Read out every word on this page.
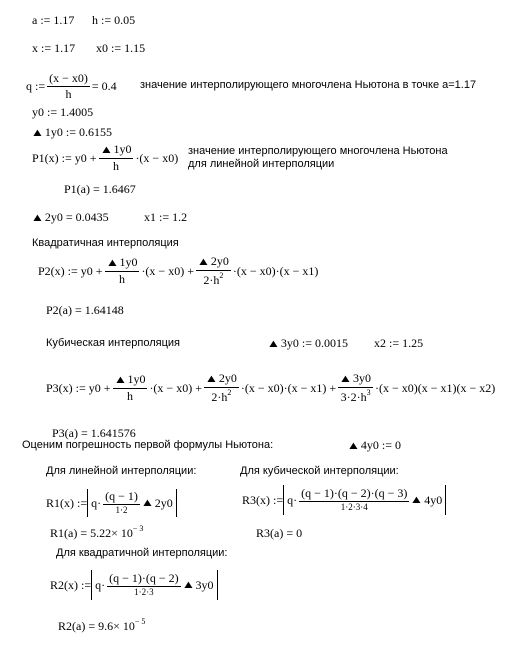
a := 1.17 h := 0.05
x := 1.17 x0 := 1.15
q := $\frac{(x - x0)}{h} = 0.4$ значение интерполирующего многочлена Ньютона в точке a=1.17
y0 := 1.4005
▲1y0 := 0.6155
P1(x) := $y0 + \frac{▲1y0}{h} \cdot(x - x0)$ значение интерполирующего многочлена Ньютона
для линейной интерполяции
P1(a) = 1.6467
▲2y0 = 0.0435	x1 := 1.2
Квадратичная интерполяция
P2(x) := $y0 + \frac{▲1y0}{h} \cdot(x - x0) + \frac{▲2y0}{2\cdot h^2} \cdot(x - x0)\cdot(x - x1)$
P2(a) = 1.64148
Кубическая интерполяция	▲3y0 := 0.0015 x2 := 1.25
P3(x) := $y0 + \frac{▲1y0}{h} \cdot(x - x0) + \frac{▲2y0}{2\cdot h^2} \cdot(x - x0)\cdot(x - x1) + \frac{▲3y0}{3\cdot 2\cdot h^3} \cdot(x - x0)(x - x1)(x - x2)$
P3(a) = 1.641576
Оценим погрешность первой формулы Ньютона:	▲4y0 := 0
Для линейной интерполяции:	Для кубической интерполяции:
R1(x) := $q\cdot \frac{(q - 1)}{1\cdot 2}$ ▲ 2y0
$R1(a) = 5.22\times 10^{- 3}$
R3(x) := $q\cdot \frac{(q - 1)\cdot(q - 2)\cdot(q - 3)}{1\cdot 2\cdot 3\cdot 4}$ ▲ 4y0
R3(a) = 0
Для квадратичной интерполяции:
R2(x) := $q\cdot \frac{(q - 1)\cdot(q - 2)}{1\cdot 2\cdot 3}$ ▲ 3y0
$R2(a) = 9.6\times 10^{- 5}$
